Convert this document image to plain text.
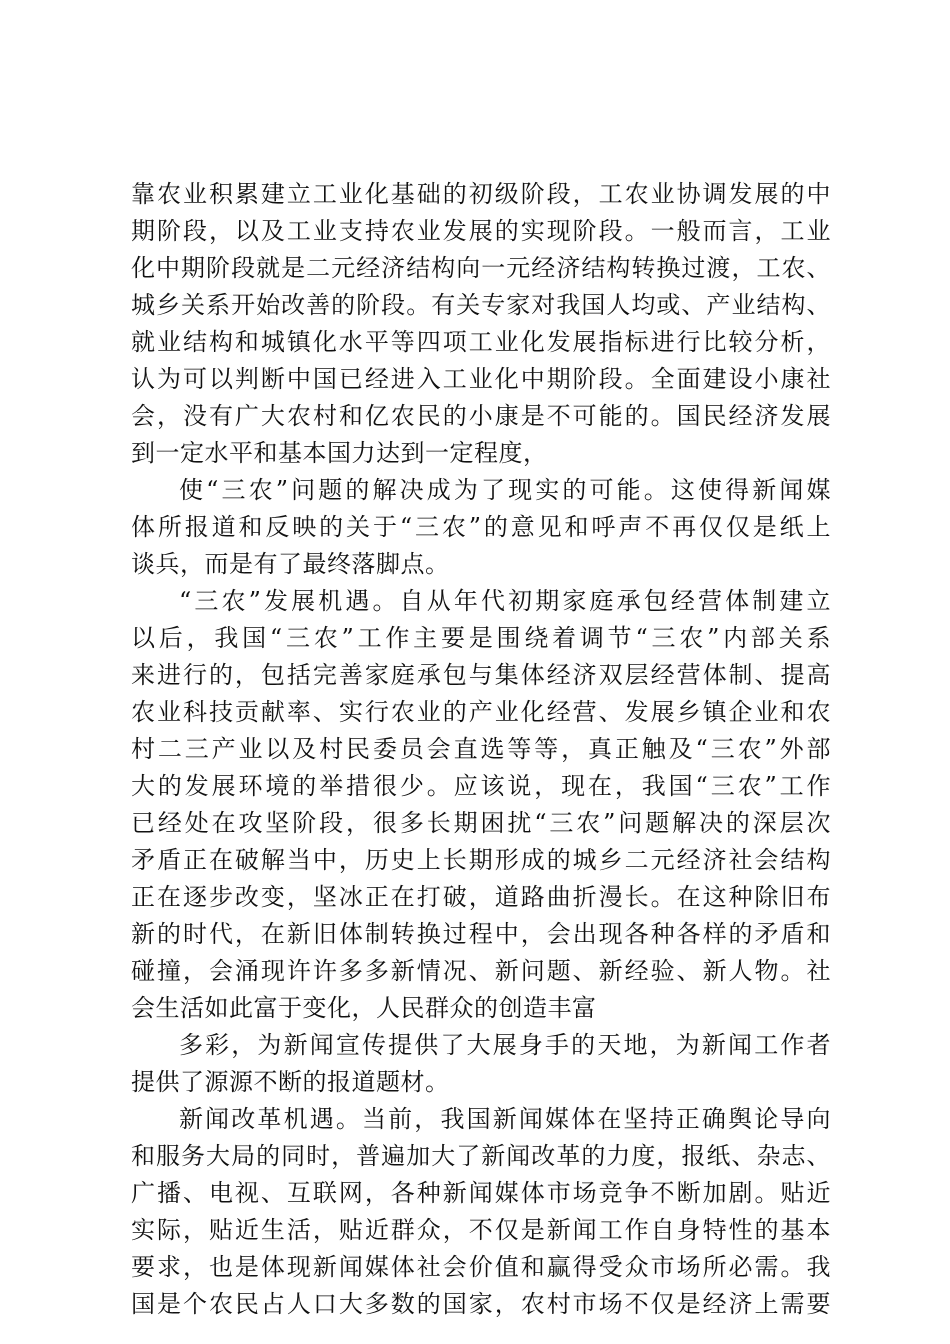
靠农业积累建立工业化基础的初级阶段，工农业协调发展的中
期阶段，以及工业支持农业发展的实现阶段。一般而言，工业
化中期阶段就是二元经济结构向一元经济结构转换过渡，工农、
城乡关系开始改善的阶段。有关专家对我国人均或、产业结构、
就业结构和城镇化水平等四项工业化发展指标进行比较分析，
认为可以判断中国已经进入工业化中期阶段。全面建设小康社
会，没有广大农村和亿农民的小康是不可能的。国民经济发展
到一定水平和基本国力达到一定程度，
使“三农”问题的解决成为了现实的可能。这使得新闻媒
体所报道和反映的关于“三农”的意见和呼声不再仅仅是纸上
谈兵，而是有了最终落脚点。
“三农”发展机遇。自从年代初期家庭承包经营体制建立
以后，我国“三农”工作主要是围绕着调节“三农”内部关系
来进行的，包括完善家庭承包与集体经济双层经营体制、提高
农业科技贡献率、实行农业的产业化经营、发展乡镇企业和农
村二三产业以及村民委员会直选等等，真正触及“三农”外部
大的发展环境的举措很少。应该说，现在，我国“三农”工作
已经处在攻坚阶段，很多长期困扰“三农”问题解决的深层次
矛盾正在破解当中，历史上长期形成的城乡二元经济社会结构
正在逐步改变，坚冰正在打破，道路曲折漫长。在这种除旧布
新的时代，在新旧体制转换过程中，会出现各种各样的矛盾和
碰撞，会涌现许许多多新情况、新问题、新经验、新人物。社
会生活如此富于变化，人民群众的创造丰富
多彩，为新闻宣传提供了大展身手的天地，为新闻工作者
提供了源源不断的报道题材。
新闻改革机遇。当前，我国新闻媒体在坚持正确舆论导向
和服务大局的同时，普遍加大了新闻改革的力度，报纸、杂志、
广播、电视、互联网，各种新闻媒体市场竞争不断加剧。贴近
实际，贴近生活，贴近群众，不仅是新闻工作自身特性的基本
要求，也是体现新闻媒体社会价值和赢得受众市场所必需。我
国是个农民占人口大多数的国家，农村市场不仅是经济上需要
